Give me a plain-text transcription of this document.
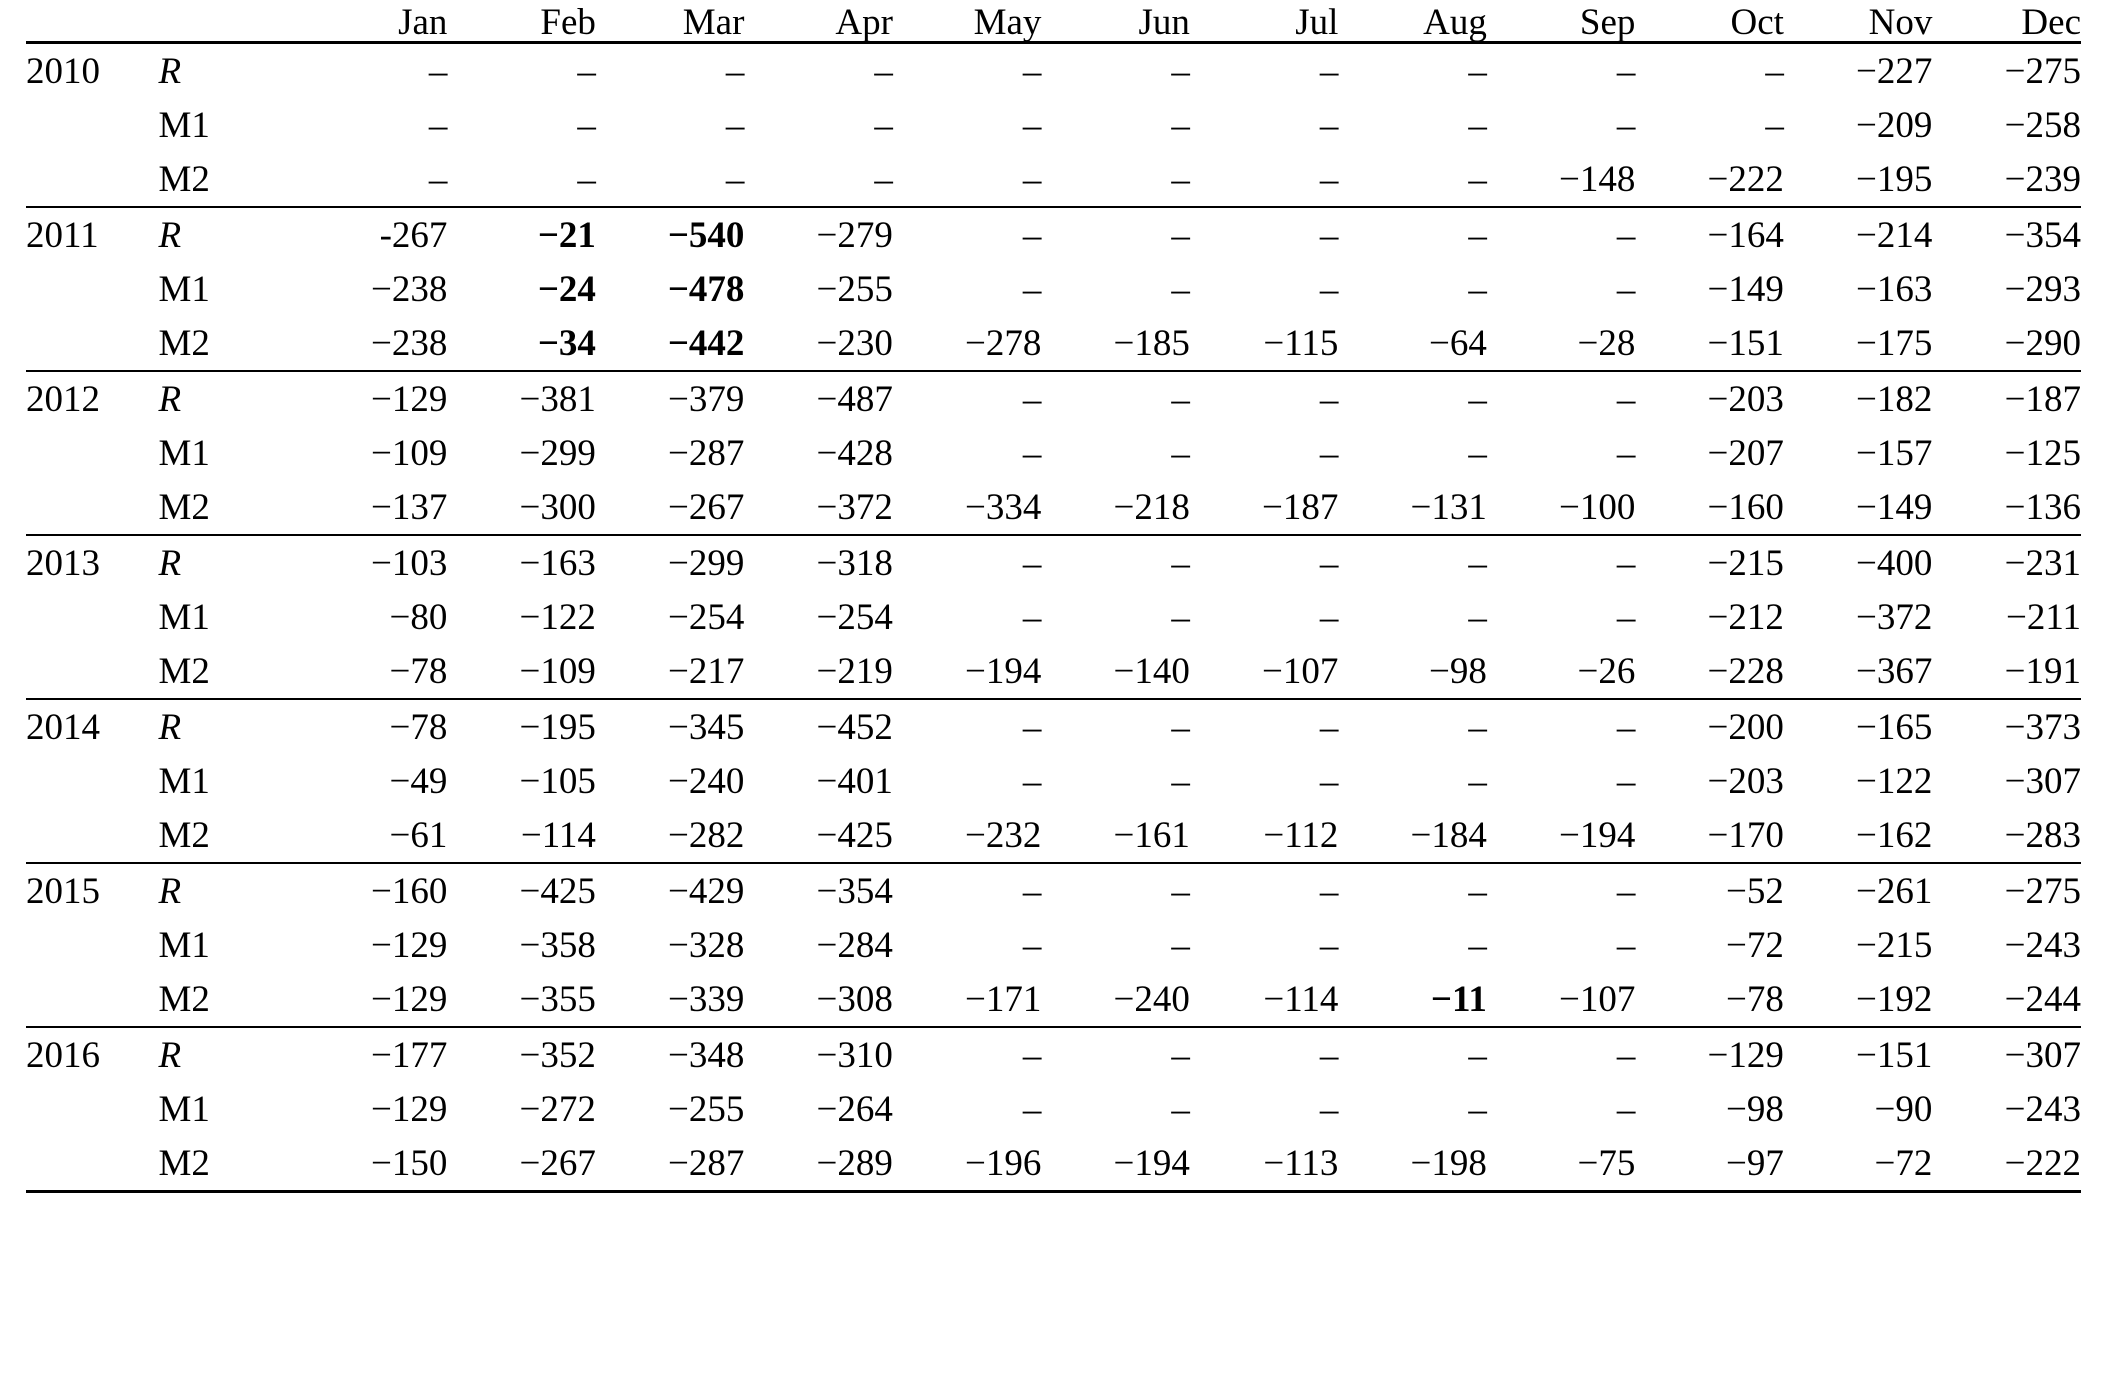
		Jan	Feb	Mar	Apr	May	Jun	Jul	Aug	Sep	Oct	Nov	Dec
2010	R	–	–	–	–	–	–	–	–	–	–	−227	−275
	M1	–	–	–	–	–	–	–	–	–	–	−209	−258
	M2	–	–	–	–	–	–	–	–	−148	−222	−195	−239
2011	R	-267	−21	−540	−279	–	–	–	–	–	−164	−214	−354
	M1	−238	−24	−478	−255	–	–	–	–	–	−149	−163	−293
	M2	−238	−34	−442	−230	−278	−185	−115	−64	−28	−151	−175	−290
2012	R	−129	−381	−379	−487	–	–	–	–	–	−203	−182	−187
	M1	−109	−299	−287	−428	–	–	–	–	–	−207	−157	−125
	M2	−137	−300	−267	−372	−334	−218	−187	−131	−100	−160	−149	−136
2013	R	−103	−163	−299	−318	–	–	–	–	–	−215	−400	−231
	M1	−80	−122	−254	−254	–	–	–	–	–	−212	−372	−211
	M2	−78	−109	−217	−219	−194	−140	−107	−98	−26	−228	−367	−191
2014	R	−78	−195	−345	−452	–	–	–	–	–	−200	−165	−373
	M1	−49	−105	−240	−401	–	–	–	–	–	−203	−122	−307
	M2	−61	−114	−282	−425	−232	−161	−112	−184	−194	−170	−162	−283
2015	R	−160	−425	−429	−354	–	–	–	–	–	−52	−261	−275
	M1	−129	−358	−328	−284	–	–	–	–	–	−72	−215	−243
	M2	−129	−355	−339	−308	−171	−240	−114	−11	−107	−78	−192	−244
2016	R	−177	−352	−348	−310	–	–	–	–	–	−129	−151	−307
	M1	−129	−272	−255	−264	–	–	–	–	–	−98	−90	−243
	M2	−150	−267	−287	−289	−196	−194	−113	−198	−75	−97	−72	−222
